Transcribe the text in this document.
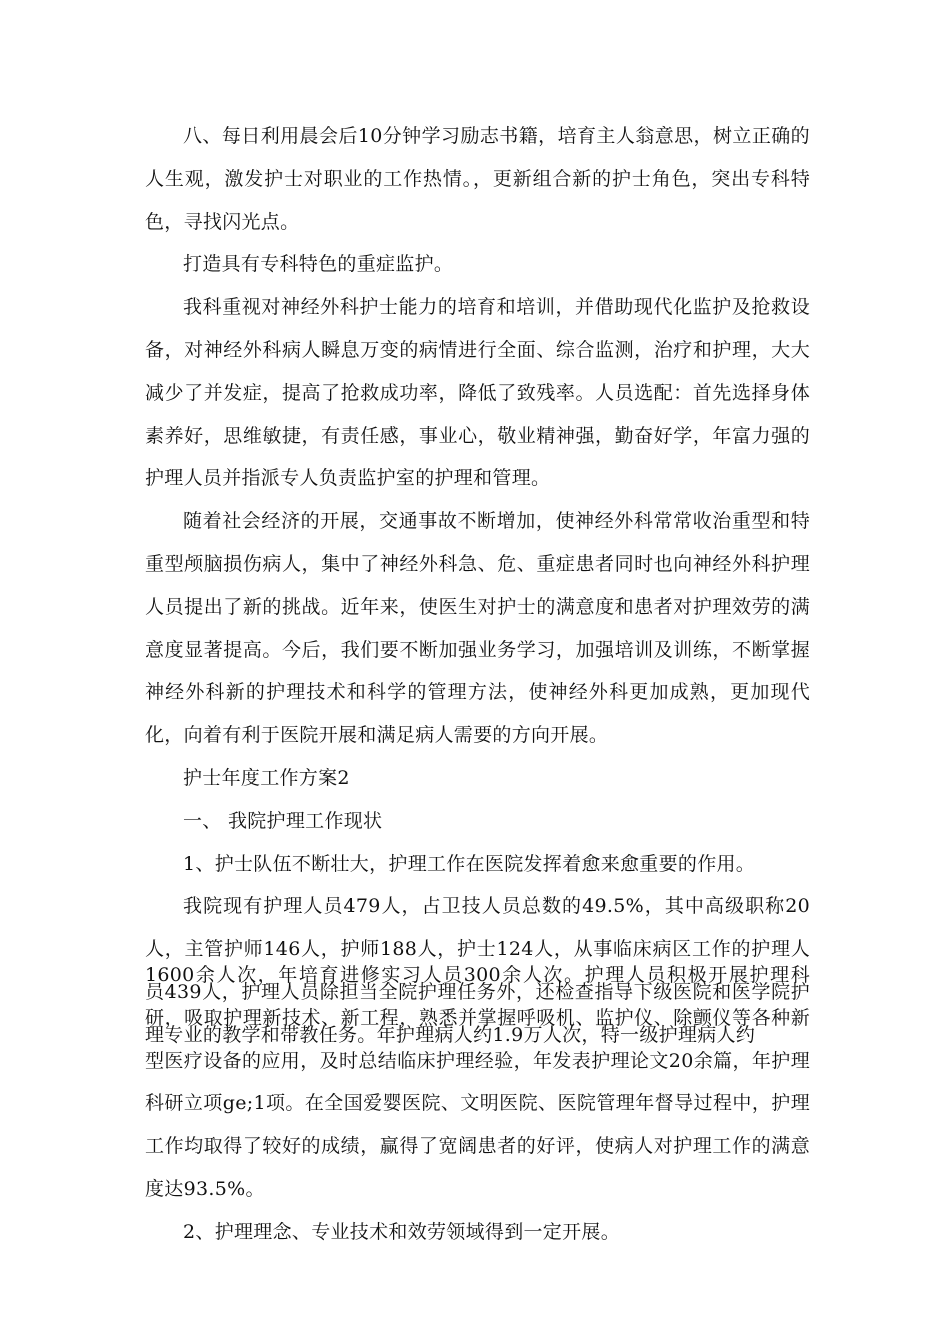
八、每日利用晨会后10分钟学习励志书籍，培育主人翁意思，树立正确的人生观，激发护士对职业的工作热情。，更新组合新的护士角色，突出专科特色，寻找闪光点。

打造具有专科特色的重症监护。

我科重视对神经外科护士能力的培育和培训，并借助现代化监护及抢救设备，对神经外科病人瞬息万变的病情进行全面、综合监测，治疗和护理，大大减少了并发症，提高了抢救成功率，降低了致残率。人员选配：首先选择身体素养好，思维敏捷，有责任感，事业心，敬业精神强，勤奋好学，年富力强的护理人员并指派专人负责监护室的护理和管理。

随着社会经济的开展，交通事故不断增加，使神经外科常常收治重型和特重型颅脑损伤病人，集中了神经外科急、危、重症患者同时也向神经外科护理人员提出了新的挑战。近年来，使医生对护士的满意度和患者对护理效劳的满意度显著提高。今后，我们要不断加强业务学习，加强培训及训练，不断掌握神经外科新的护理技术和科学的管理方法，使神经外科更加成熟，更加现代化，向着有利于医院开展和满足病人需要的方向开展。

护士年度工作方案2

一、 我院护理工作现状

1、护士队伍不断壮大，护理工作在医院发挥着愈来愈重要的作用。

我院现有护理人员479人，占卫技人员总数的49.5%，其中高级职称20人，主管护师146人，护师188人，护士124人，从事临床病区工作的护理人员439人，护理人员除担当全院护理任务外，还检查指导下级医院和医学院护理专业的教学和带教任务。年护理病人约1.9万人次，特一级护理病人约

1600余人次，年培育进修实习人员300余人次。护理人员积极开展护理科研，吸取护理新技术、新工程，熟悉并掌握呼吸机、监护仪、除颤仪等各种新型医疗设备的应用，及时总结临床护理经验，年发表护理论文20余篇，年护理科研立项ge;1项。在全国爱婴医院、文明医院、医院管理年督导过程中，护理工作均取得了较好的成绩，赢得了宽阔患者的好评，使病人对护理工作的满意度达93.5%。

2、护理理念、专业技术和效劳领域得到一定开展。
